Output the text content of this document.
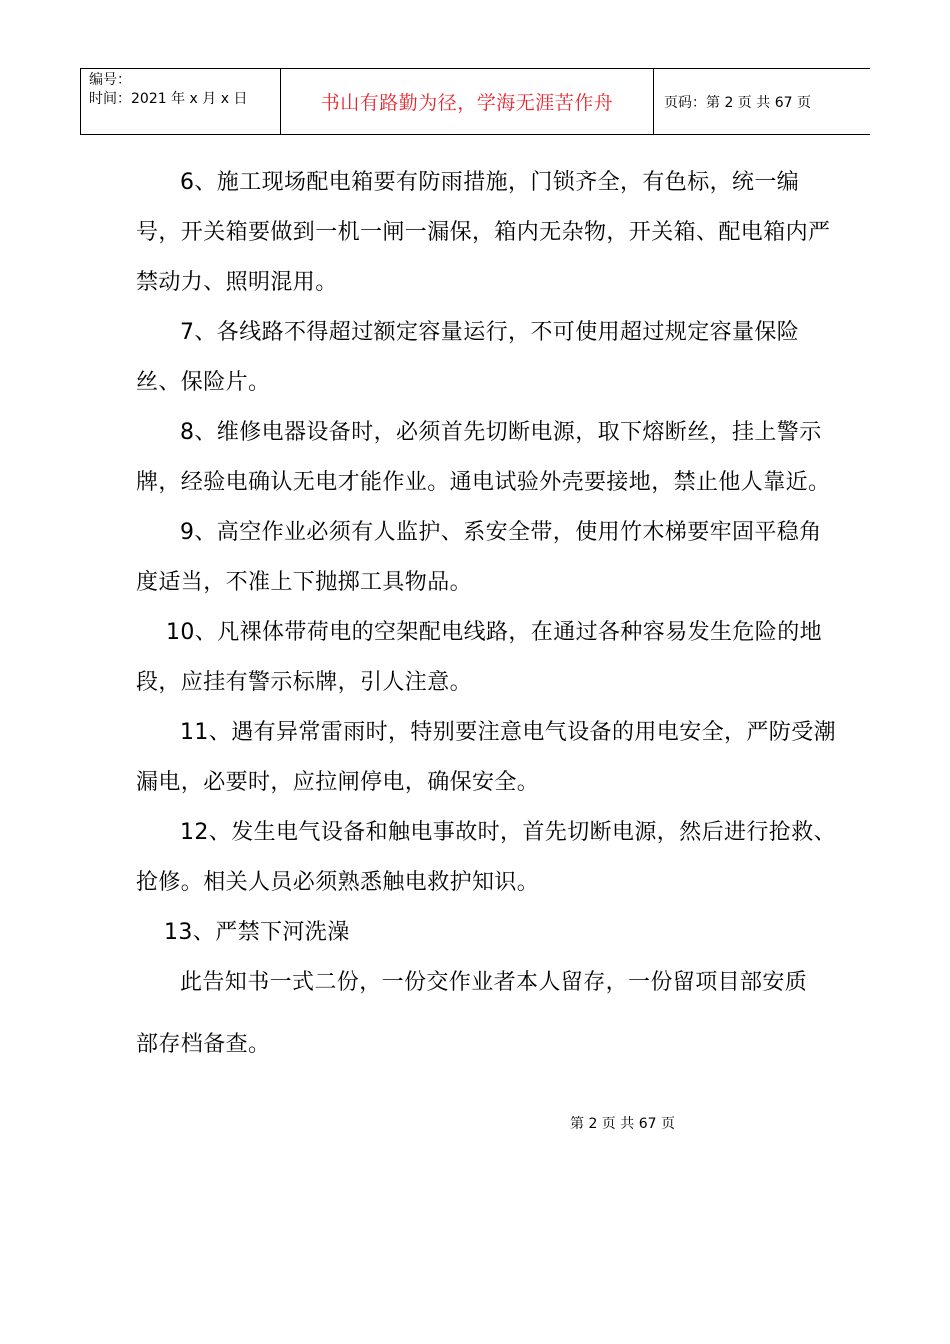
编号：
时间：2021 年 x 月 x 日	书山有路勤为径，学海无涯苦作舟	页码：第 2 页 共 67 页

6、施工现场配电箱要有防雨措施，门锁齐全，有色标，统一编号，开关箱要做到一机一闸一漏保，箱内无杂物，开关箱、配电箱内严禁动力、照明混用。

7、各线路不得超过额定容量运行，不可使用超过规定容量保险丝、保险片。

8、维修电器设备时，必须首先切断电源，取下熔断丝，挂上警示牌，经验电确认无电才能作业。通电试验外壳要接地，禁止他人靠近。

9、高空作业必须有人监护、系安全带，使用竹木梯要牢固平稳角度适当，不准上下抛掷工具物品。

10、凡裸体带荷电的空架配电线路，在通过各种容易发生危险的地段，应挂有警示标牌，引人注意。

11、遇有异常雷雨时，特别要注意电气设备的用电安全，严防受潮漏电，必要时，应拉闸停电，确保安全。

12、发生电气设备和触电事故时，首先切断电源，然后进行抢救、抢修。相关人员必须熟悉触电救护知识。

13、严禁下河洗澡

此告知书一式二份，一份交作业者本人留存，一份留项目部安质

部存档备查。

第 2 页 共 67 页
